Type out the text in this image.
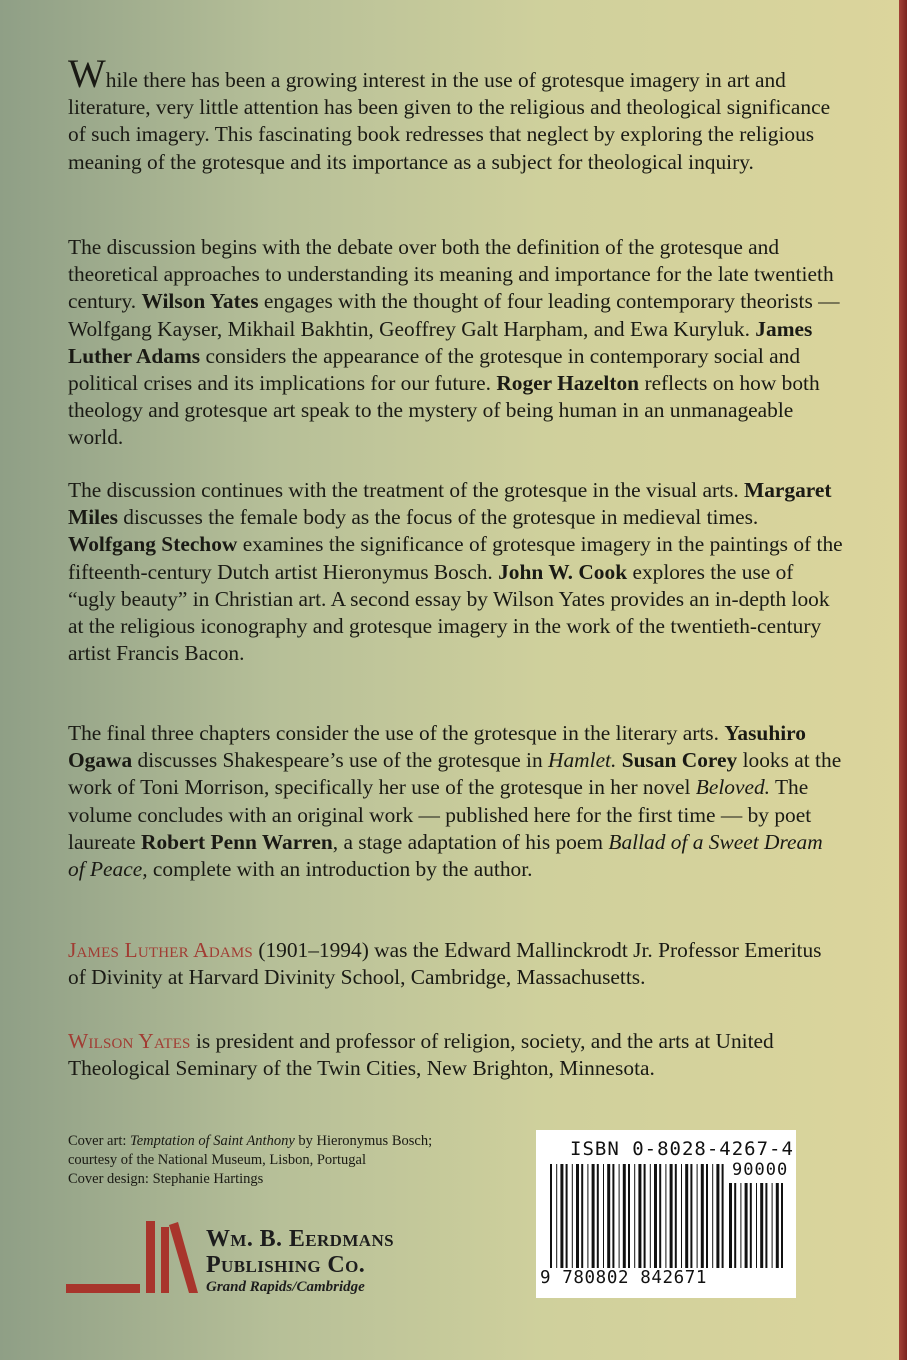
While there has been a growing interest in the use of grotesque imagery in art and literature, very little attention has been given to the religious and theological significance of such imagery. This fascinating book redresses that neglect by exploring the religious meaning of the grotesque and its importance as a subject for theological inquiry.

The discussion begins with the debate over both the definition of the grotesque and theoretical approaches to understanding its meaning and importance for the late twentieth century. Wilson Yates engages with the thought of four leading contemporary theorists — Wolfgang Kayser, Mikhail Bakhtin, Geoffrey Galt Harpham, and Ewa Kuryluk. James Luther Adams considers the appearance of the grotesque in contemporary social and political crises and its implications for our future. Roger Hazelton reflects on how both theology and grotesque art speak to the mystery of being human in an unmanageable world.

The discussion continues with the treatment of the grotesque in the visual arts. Margaret Miles discusses the female body as the focus of the grotesque in medieval times. Wolfgang Stechow examines the significance of grotesque imagery in the paintings of the fifteenth-century Dutch artist Hieronymus Bosch. John W. Cook explores the use of “ugly beauty” in Christian art. A second essay by Wilson Yates provides an in-depth look at the religious iconography and grotesque imagery in the work of the twentieth-century artist Francis Bacon.

The final three chapters consider the use of the grotesque in the literary arts. Yasuhiro Ogawa discusses Shakespeare’s use of the grotesque in Hamlet. Susan Corey looks at the work of Toni Morrison, specifically her use of the grotesque in her novel Beloved. The volume concludes with an original work — published here for the first time — by poet laureate Robert Penn Warren, a stage adaptation of his poem Ballad of a Sweet Dream of Peace, complete with an introduction by the author.

James Luther Adams (1901–1994) was the Edward Mallinckrodt Jr. Professor Emeritus of Divinity at Harvard Divinity School, Cambridge, Massachusetts.

Wilson Yates is president and professor of religion, society, and the arts at United Theological Seminary of the Twin Cities, New Brighton, Minnesota.

Cover art: Temptation of Saint Anthony by Hieronymus Bosch;

courtesy of the National Museum, Lisbon, Portugal

Cover design: Stephanie Hartings

Wm. B. Eerdmans
Publishing Co.
Grand Rapids/Cambridge
ISBN 0-8028-4267-4
90000
9 780802 842671
